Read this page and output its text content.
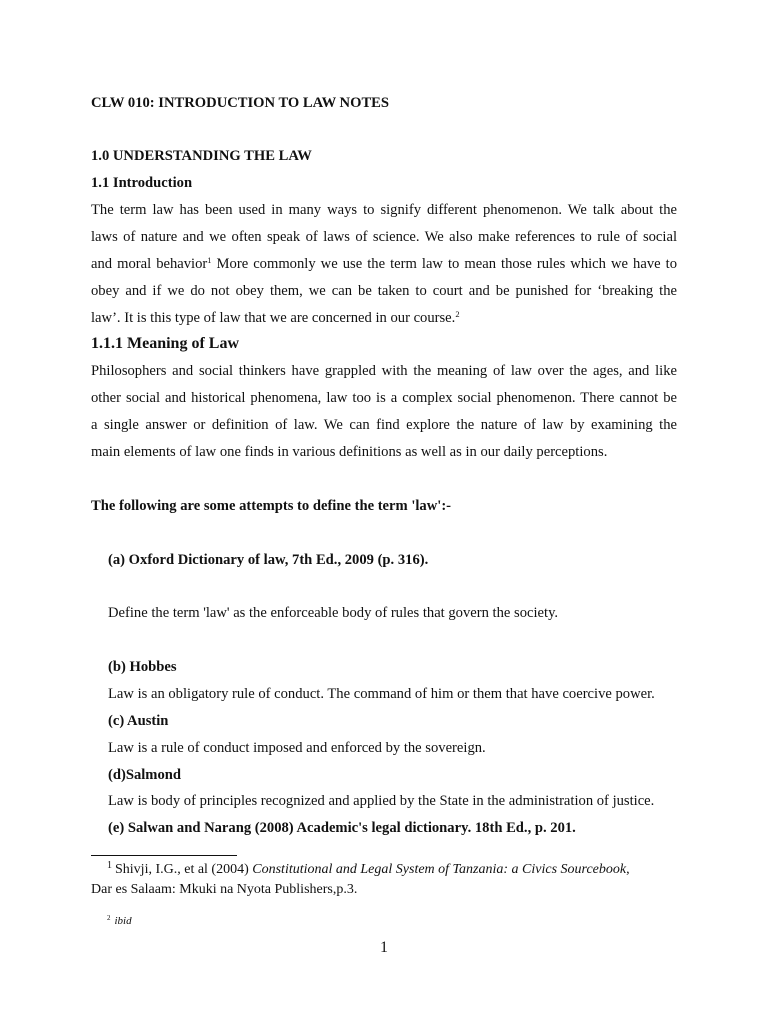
CLW 010: INTRODUCTION TO LAW NOTES
1.0 UNDERSTANDING THE LAW
1.1 Introduction
The term law has been used in many ways to signify different phenomenon. We talk about the
laws of nature and we often speak of laws of science. We also make references to rule of social
and moral behavior$^1$ More commonly we use the term law to mean those rules which we have to
obey and if we do not obey them, we can be taken to court and be punished for ‘breaking the
law’. It is this type of law that we are concerned in our course.$^2$
1.1.1 Meaning of Law
Philosophers and social thinkers have grappled with the meaning of law over the ages, and like
other social and historical phenomena, law too is a complex social phenomenon. There cannot be
a single answer or definition of law. We can find explore the nature of law by examining the
main elements of law one finds in various definitions as well as in our daily perceptions.
The following are some attempts to define the term 'law':-
(a) Oxford Dictionary of law, 7th Ed., 2009 (p. 316).
Define the term 'law' as the enforceable body of rules that govern the society.
(b) Hobbes
Law is an obligatory rule of conduct. The command of him or them that have coercive power.
(c) Austin
Law is a rule of conduct imposed and enforced by the sovereign.
(d)Salmond
Law is body of principles recognized and applied by the State in the administration of justice.
(e) Salwan and Narang (2008) Academic's legal dictionary. 18th Ed., p. 201.
$^1$ Shivji, I.G., et al (2004) Constitutional and Legal System of Tanzania: a Civics Sourcebook,
Dar es Salaam: Mkuki na Nyota Publishers,p.3.
$^2$ ibid
1
